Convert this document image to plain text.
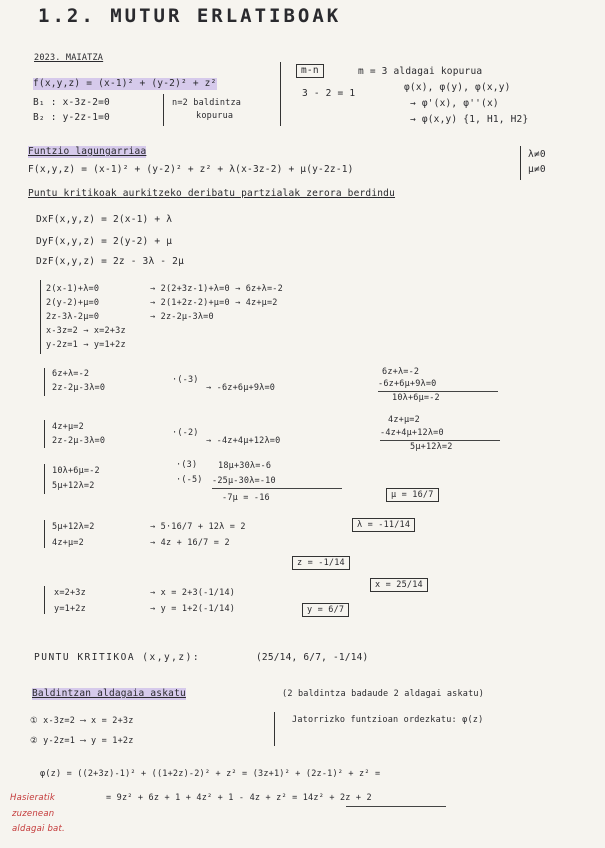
1.2. MUTUR ERLATIBOAK
2023. MAIATZA
f(x,y,z) = (x-1)² + (y-2)² + z²
B₁ : x-3z-2=0
B₂ : y-2z-1=0
n=2 baldintza
kopurua
m-n	m = 3 aldagai kopurua
3 - 2 = 1
φ(x), φ(y), φ(x,y)
→ φ'(x), φ''(x)
→ φ(x,y) {1, H1, H2}
Funtzio lagungarriaa
F(x,y,z) = (x-1)² + (y-2)² + z² + λ(x-3z-2) + μ(y-2z-1)
λ≠0
μ≠0
Puntu kritikoak aurkitzeko deribatu partzialak zerora berdindu
DxF(x,y,z) = 2(x-1) + λ
DyF(x,y,z) = 2(y-2) + μ
DzF(x,y,z) = 2z - 3λ - 2μ
2(x-1)+λ=0	→ 2(2+3z-1)+λ=0 → 6z+λ=-2
2(y-2)+μ=0	→ 2(1+2z-2)+μ=0 → 4z+μ=2
2z-3λ-2μ=0	→ 2z-2μ-3λ=0
x-3z=2 → x=2+3z
y-2z=1 → y=1+2z
6z+λ=-2
2z-2μ-3λ=0
·(-3)
→ -6z+6μ+9λ=0
6z+λ=-2
-6z+6μ+9λ=0
10λ+6μ=-2
4z+μ=2
2z-2μ-3λ=0
·(-2)
→ -4z+4μ+12λ=0
4z+μ=2
-4z+4μ+12λ=0
5μ+12λ=2
10λ+6μ=-2
5μ+12λ=2
·(3)
·(-5)
18μ+30λ=-6
-25μ-30λ=-10
-7μ = -16	μ = 16/7
5μ+12λ=2
4z+μ=2
→ 5·16/7 + 12λ = 2
→ 4z + 16/7 = 2
λ = -11/14
z = -1/14
x=2+3z
y=1+2z
→ x = 2+3(-1/14)
→ y = 1+2(-1/14)
x = 25/14
y = 6/7
PUNTU KRITIKOA (x,y,z):	(25/14, 6/7, -1/14)
Baldintzan aldagaia askatu	(2 baldintza badaude 2 aldagai askatu)
① x-3z=2 ⟶ x = 2+3z
② y-2z=1 ⟶ y = 1+2z
Jatorrizko funtzioan ordezkatu: φ(z)
φ(z) = ((2+3z)-1)² + ((1+2z)-2)² + z² = (3z+1)² + (2z-1)² + z² =
= 9z² + 6z + 1 + 4z² + 1 - 4z + z² = 14z² + 2z + 2
Hasieratik
zuzenean
aldagai bat.
